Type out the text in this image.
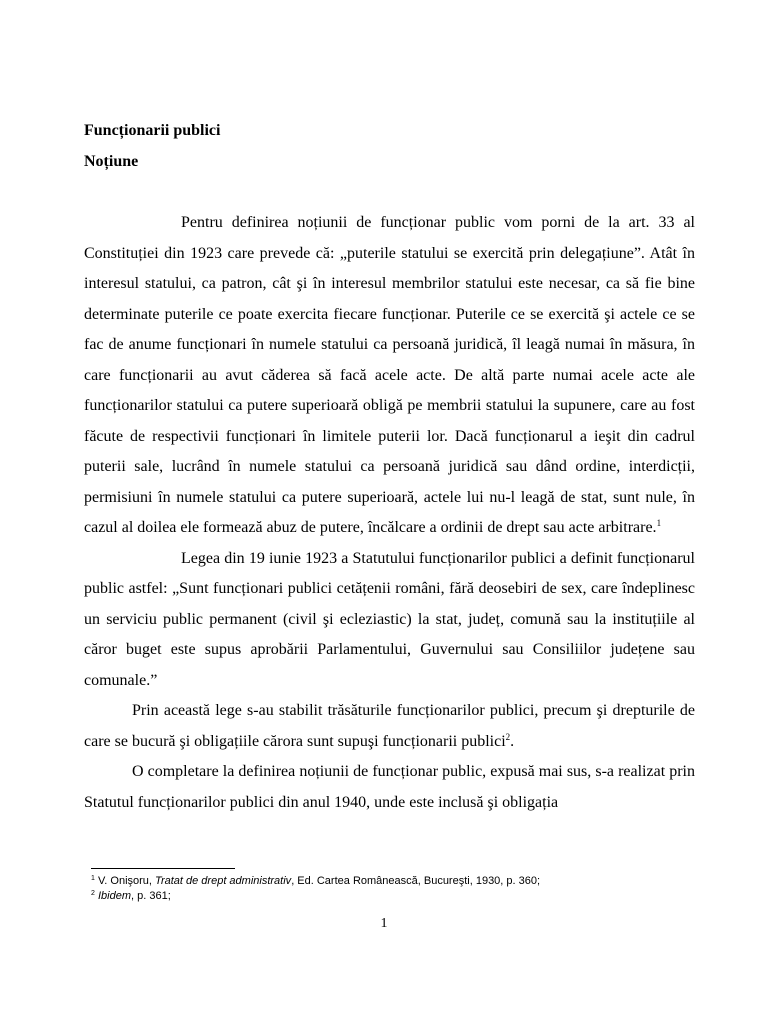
Funcționarii publici

Noțiune

Pentru definirea noțiunii de funcționar public vom porni de la art. 33 al Constituției din 1923 care prevede că: „puterile statului se exercită prin delegațiune”. Atât în interesul statului, ca patron, cât şi în interesul membrilor statului este necesar, ca să fie bine determinate puterile ce poate exercita fiecare funcționar. Puterile ce se exercită şi actele ce se fac de anume funcționari în numele statului ca persoană juridică, îl leagă numai în măsura, în care funcționarii au avut căderea să facă acele acte. De altă parte numai acele acte ale funcționarilor statului ca putere superioară obligă pe membrii statului la supunere, care au fost făcute de respectivii funcționari în limitele puterii lor. Dacă funcționarul a ieşit din cadrul puterii sale, lucrând în numele statului ca persoană juridică sau dând ordine, interdicții, permisiuni în numele statului ca putere superioară, actele lui nu-l leagă de stat, sunt nule, în cazul al doilea ele formează abuz de putere, încălcare a ordinii de drept sau acte arbitrare.$^1$

Legea din 19 iunie 1923 a Statutului funcționarilor publici a definit funcționarul public astfel: „Sunt funcționari publici cetățenii români, fără deosebiri de sex, care îndeplinesc un serviciu public permanent (civil şi ecleziastic) la stat, județ, comună sau la instituțiile al căror buget este supus aprobării Parlamentului, Guvernului sau Consiliilor județene sau comunale.”

Prin această lege s-au stabilit trăsăturile funcționarilor publici, precum şi drepturile de care se bucură şi obligațiile cărora sunt supuşi funcționarii publici$^2$.

O completare la definirea noțiunii de funcționar public, expusă mai sus, s-a realizat prin Statutul funcționarilor publici din anul 1940, unde este inclusă şi obligația

$^1$ V. Onişoru, Tratat de drept administrativ, Ed. Cartea Românească, Bucureşti, 1930, p. 360;

$^2$ Ibidem, p. 361;

1
